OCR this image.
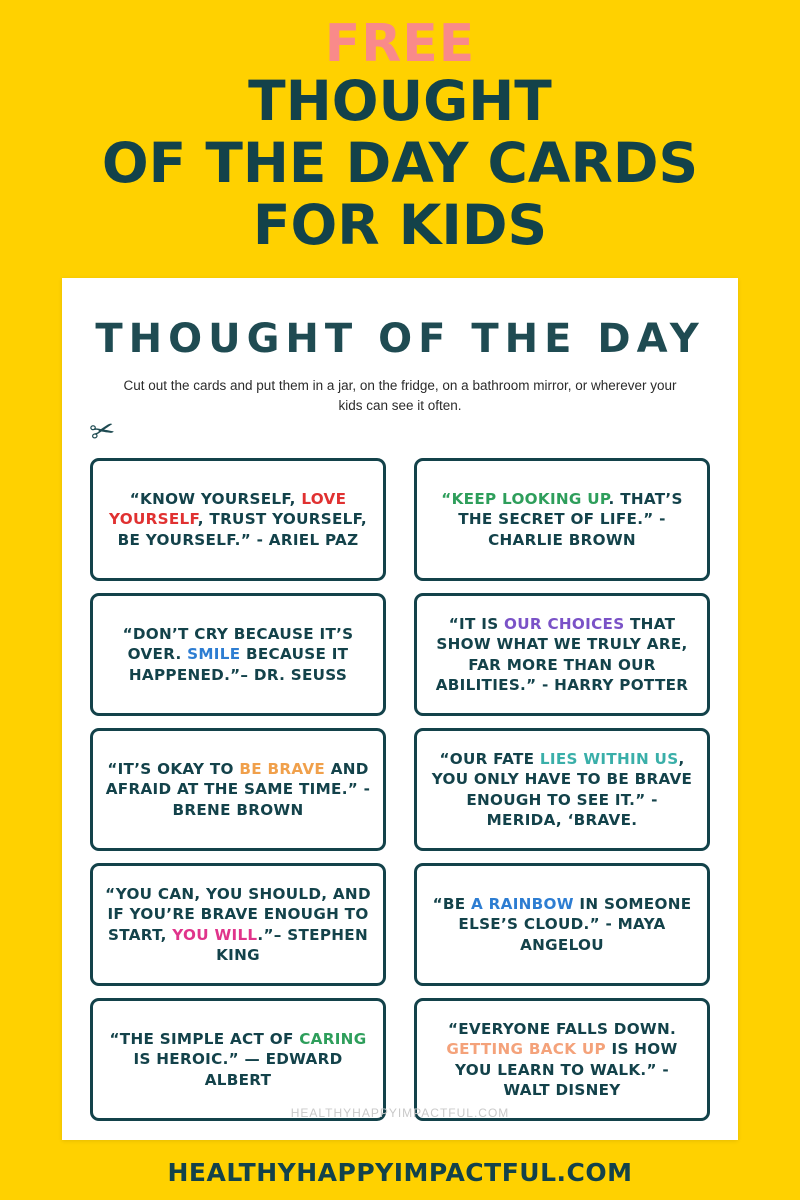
FREE
THOUGHT
OF THE DAY CARDS
FOR KIDS
THOUGHT OF THE DAY
Cut out the cards and put them in a jar, on the fridge, on a bathroom mirror, or wherever your kids can see it often.
✂
“KNOW YOURSELF, LOVE YOURSELF, TRUST YOURSELF, BE YOURSELF.” - ARIEL PAZ
“DON’T CRY BECAUSE IT’S OVER. SMILE BECAUSE IT HAPPENED.”– DR. SEUSS
“IT’S OKAY TO BE BRAVE AND AFRAID AT THE SAME TIME.” - BRENE BROWN
“YOU CAN, YOU SHOULD, AND IF YOU’RE BRAVE ENOUGH TO START, YOU WILL.”– STEPHEN KING
“THE SIMPLE ACT OF CARING IS HEROIC.” — EDWARD ALBERT
“KEEP LOOKING UP. THAT’S THE SECRET OF LIFE.” - CHARLIE BROWN
“IT IS OUR CHOICES THAT SHOW WHAT WE TRULY ARE, FAR MORE THAN OUR ABILITIES.” - HARRY POTTER
“OUR FATE LIES WITHIN US, YOU ONLY HAVE TO BE BRAVE ENOUGH TO SEE IT.” - MERIDA, ‘BRAVE.
“BE A RAINBOW IN SOMEONE ELSE’S CLOUD.” - MAYA ANGELOU
“EVERYONE FALLS DOWN. GETTING BACK UP IS HOW YOU LEARN TO WALK.” - WALT DISNEY
HEALTHYHAPPYIMPACTFUL.COM
HEALTHYHAPPYIMPACTFUL.COM
